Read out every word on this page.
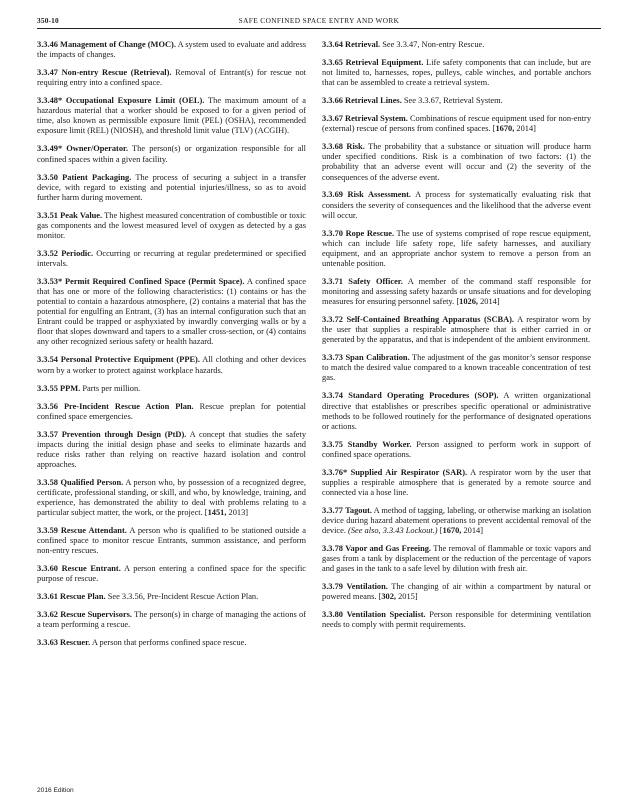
350-10	SAFE CONFINED SPACE ENTRY AND WORK

3.3.46 Management of Change (MOC). A system used to evaluate and address the impacts of changes.

3.3.47 Non-entry Rescue (Retrieval). Removal of Entrant(s) for rescue not requiring entry into a confined space.

3.3.48* Occupational Exposure Limit (OEL). The maximum amount of a hazardous material that a worker should be exposed to for a given period of time, also known as permissible exposure limit (PEL) (OSHA), recommended exposure limit (REL) (NIOSH), and threshold limit value (TLV) (ACGIH).

3.3.49* Owner/Operator. The person(s) or organization responsible for all confined spaces within a given facility.

3.3.50 Patient Packaging. The process of securing a subject in a transfer device, with regard to existing and potential injuries/illness, so as to avoid further harm during movement.

3.3.51 Peak Value. The highest measured concentration of combustible or toxic gas components and the lowest measured level of oxygen as detected by a gas monitor.

3.3.52 Periodic. Occurring or recurring at regular predetermined or specified intervals.

3.3.53* Permit Required Confined Space (Permit Space). A confined space that has one or more of the following characteristics: (1) contains or has the potential to contain a hazardous atmosphere, (2) contains a material that has the potential for engulfing an Entrant, (3) has an internal configuration such that an Entrant could be trapped or asphyxiated by inwardly converging walls or by a floor that slopes downward and tapers to a smaller cross-section, or (4) contains any other recognized serious safety or health hazard.

3.3.54 Personal Protective Equipment (PPE). All clothing and other devices worn by a worker to protect against workplace hazards.

3.3.55 PPM. Parts per million.

3.3.56 Pre-Incident Rescue Action Plan. Rescue preplan for potential confined space emergencies.

3.3.57 Prevention through Design (PtD). A concept that studies the safety impacts during the initial design phase and seeks to eliminate hazards and reduce risks rather than relying on reactive hazard isolation and control approaches.

3.3.58 Qualified Person. A person who, by possession of a recognized degree, certificate, professional standing, or skill, and who, by knowledge, training, and experience, has demonstrated the ability to deal with problems relating to a particular subject matter, the work, or the project. [1451, 2013]

3.3.59 Rescue Attendant. A person who is qualified to be stationed outside a confined space to monitor rescue Entrants, summon assistance, and perform non-entry rescues.

3.3.60 Rescue Entrant. A person entering a confined space for the specific purpose of rescue.

3.3.61 Rescue Plan. See 3.3.56, Pre-Incident Rescue Action Plan.

3.3.62 Rescue Supervisors. The person(s) in charge of managing the actions of a team performing a rescue.

3.3.63 Rescuer. A person that performs confined space rescue.

3.3.64 Retrieval. See 3.3.47, Non-entry Rescue.

3.3.65 Retrieval Equipment. Life safety components that can include, but are not limited to, harnesses, ropes, pulleys, cable winches, and portable anchors that can be assembled to create a retrieval system.

3.3.66 Retrieval Lines. See 3.3.67, Retrieval System.

3.3.67 Retrieval System. Combinations of rescue equipment used for non-entry (external) rescue of persons from confined spaces. [1670, 2014]

3.3.68 Risk. The probability that a substance or situation will produce harm under specified conditions. Risk is a combination of two factors: (1) the probability that an adverse event will occur and (2) the severity of the consequences of the adverse event.

3.3.69 Risk Assessment. A process for systematically evaluating risk that considers the severity of consequences and the likelihood that the adverse event will occur.

3.3.70 Rope Rescue. The use of systems comprised of rope rescue equipment, which can include life safety rope, life safety harnesses, and auxiliary equipment, and an appropriate anchor system to remove a person from an untenable position.

3.3.71 Safety Officer. A member of the command staff responsible for monitoring and assessing safety hazards or unsafe situations and for developing measures for ensuring personnel safety. [1026, 2014]

3.3.72 Self-Contained Breathing Apparatus (SCBA). A respirator worn by the user that supplies a respirable atmosphere that is either carried in or generated by the apparatus, and that is independent of the ambient environment.

3.3.73 Span Calibration. The adjustment of the gas monitor’s sensor response to match the desired value compared to a known traceable concentration of test gas.

3.3.74 Standard Operating Procedures (SOP). A written organizational directive that establishes or prescribes specific operational or administrative methods to be followed routinely for the performance of designated operations or actions.

3.3.75 Standby Worker. Person assigned to perform work in support of confined space operations.

3.3.76* Supplied Air Respirator (SAR). A respirator worn by the user that supplies a respirable atmosphere that is generated by a remote source and connected via a hose line.

3.3.77 Tagout. A method of tagging, labeling, or otherwise marking an isolation device during hazard abatement operations to prevent accidental removal of the device. (See also, 3.3.43 Lockout.) [1670, 2014]

3.3.78 Vapor and Gas Freeing. The removal of flammable or toxic vapors and gases from a tank by displacement or the reduction of the percentage of vapors and gases in the tank to a safe level by dilution with fresh air.

3.3.79 Ventilation. The changing of air within a compartment by natural or powered means. [302, 2015]

3.3.80 Ventilation Specialist. Person responsible for determining ventilation needs to comply with permit requirements.

2016 Edition
